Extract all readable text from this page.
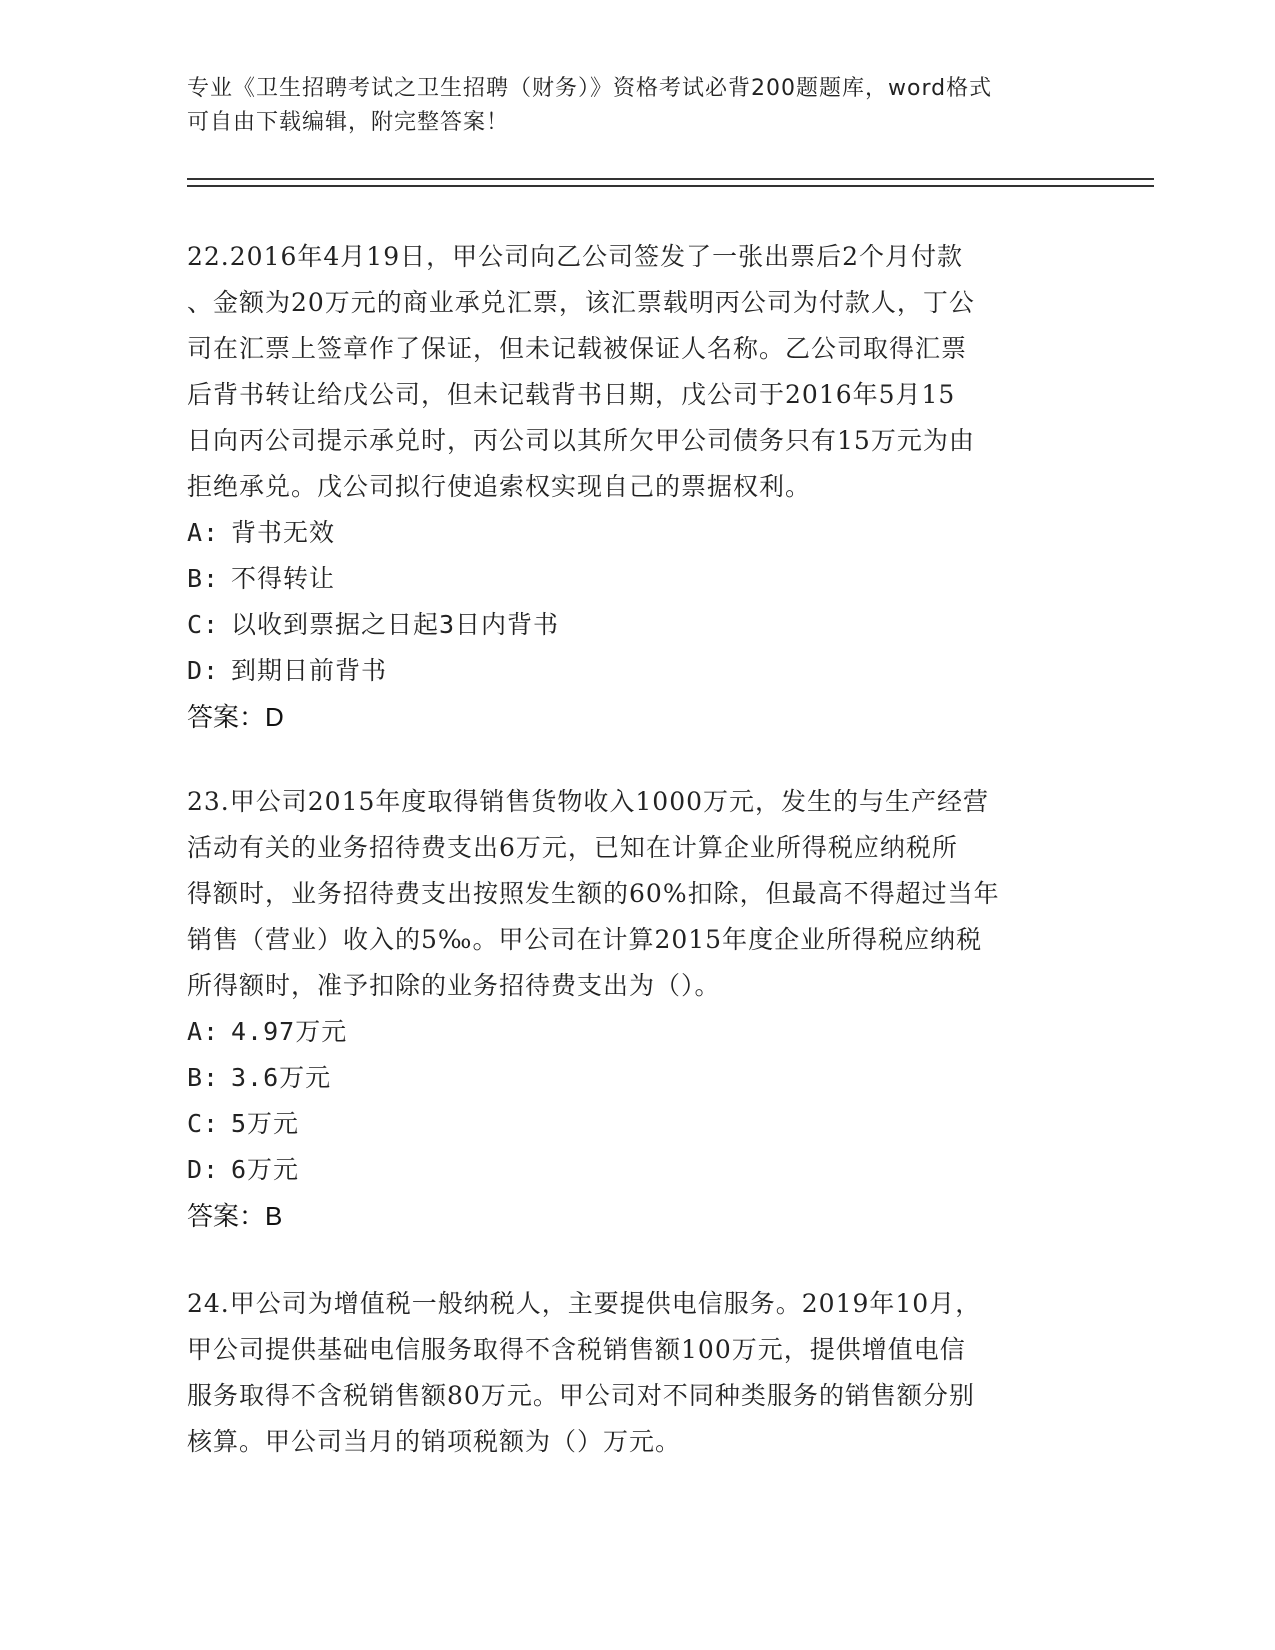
专业《卫生招聘考试之卫生招聘（财务）》资格考试必背200题题库，word格式
可自由下载编辑，附完整答案！
22.2016年4月19日，甲公司向乙公司签发了一张出票后2个月付款
、金额为20万元的商业承兑汇票，该汇票载明丙公司为付款人，丁公
司在汇票上签章作了保证，但未记载被保证人名称。乙公司取得汇票
后背书转让给戊公司，但未记载背书日期，戊公司于2016年5月15
日向丙公司提示承兑时，丙公司以其所欠甲公司债务只有15万元为由
拒绝承兑。戊公司拟行使追索权实现自己的票据权利。
A: 背书无效
B: 不得转让
C: 以收到票据之日起3日内背书
D: 到期日前背书
答案：D
23.甲公司2015年度取得销售货物收入1000万元，发生的与生产经营
活动有关的业务招待费支出6万元，已知在计算企业所得税应纳税所
得额时，业务招待费支出按照发生额的60%扣除，但最高不得超过当年
销售（营业）收入的5‰。甲公司在计算2015年度企业所得税应纳税
所得额时，准予扣除的业务招待费支出为（）。
A: 4.97万元
B: 3.6万元
C: 5万元
D: 6万元
答案：B
24.甲公司为增值税一般纳税人，主要提供电信服务。2019年10月，
甲公司提供基础电信服务取得不含税销售额100万元，提供增值电信
服务取得不含税销售额80万元。甲公司对不同种类服务的销售额分别
核算。甲公司当月的销项税额为（）万元。
